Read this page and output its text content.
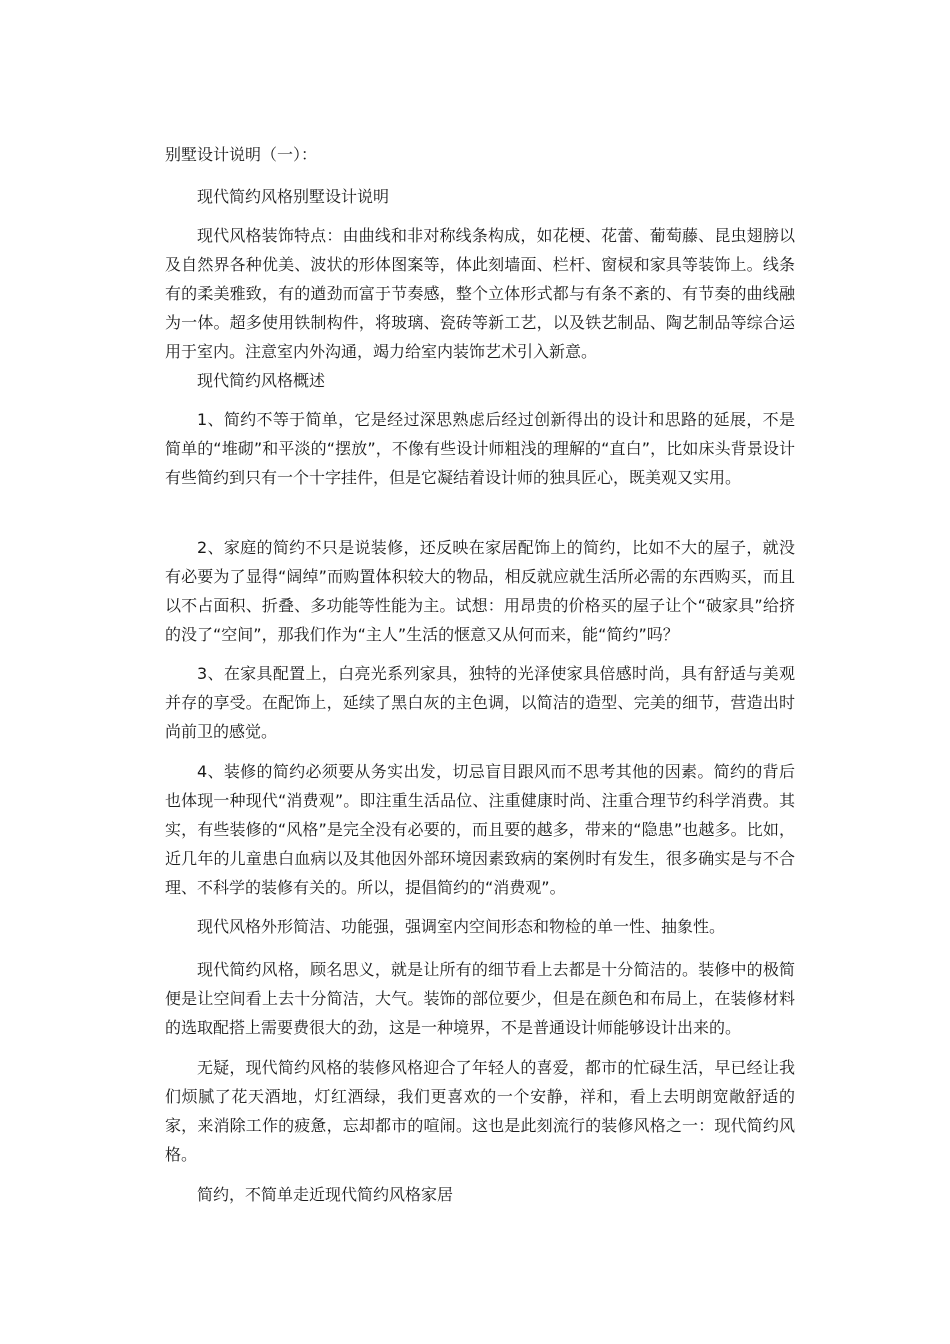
别墅设计说明（一）：

现代简约风格别墅设计说明

现代风格装饰特点：由曲线和非对称线条构成，如花梗、花蕾、葡萄藤、昆虫翅膀以及自然界各种优美、波状的形体图案等，体此刻墙面、栏杆、窗棂和家具等装饰上。线条有的柔美雅致，有的遒劲而富于节奏感，整个立体形式都与有条不紊的、有节奏的曲线融为一体。超多使用铁制构件，将玻璃、瓷砖等新工艺，以及铁艺制品、陶艺制品等综合运用于室内。注意室内外沟通，竭力给室内装饰艺术引入新意。

现代简约风格概述

1、简约不等于简单，它是经过深思熟虑后经过创新得出的设计和思路的延展，不是简单的“堆砌”和平淡的“摆放”，不像有些设计师粗浅的理解的“直白”，比如床头背景设计有些简约到只有一个十字挂件，但是它凝结着设计师的独具匠心，既美观又实用。

2、家庭的简约不只是说装修，还反映在家居配饰上的简约，比如不大的屋子，就没有必要为了显得“阔绰”而购置体积较大的物品，相反就应就生活所必需的东西购买，而且以不占面积、折叠、多功能等性能为主。试想：用昂贵的价格买的屋子让个“破家具”给挤的没了“空间”，那我们作为“主人”生活的惬意又从何而来，能“简约”吗？

3、在家具配置上，白亮光系列家具，独特的光泽使家具倍感时尚，具有舒适与美观并存的享受。在配饰上，延续了黑白灰的主色调，以简洁的造型、完美的细节，营造出时尚前卫的感觉。

4、装修的简约必须要从务实出发，切忌盲目跟风而不思考其他的因素。简约的背后也体现一种现代“消费观”。即注重生活品位、注重健康时尚、注重合理节约科学消费。其实，有些装修的“风格”是完全没有必要的，而且要的越多，带来的“隐患”也越多。比如，近几年的儿童患白血病以及其他因外部环境因素致病的案例时有发生，很多确实是与不合理、不科学的装修有关的。所以，提倡简约的“消费观”。

现代风格外形简洁、功能强，强调室内空间形态和物检的单一性、抽象性。

现代简约风格，顾名思义，就是让所有的细节看上去都是十分简洁的。装修中的极简便是让空间看上去十分简洁，大气。装饰的部位要少，但是在颜色和布局上，在装修材料的选取配搭上需要费很大的劲，这是一种境界，不是普通设计师能够设计出来的。

无疑，现代简约风格的装修风格迎合了年轻人的喜爱，都市的忙碌生活，早已经让我们烦腻了花天酒地，灯红酒绿，我们更喜欢的一个安静，祥和，看上去明朗宽敞舒适的家，来消除工作的疲惫，忘却都市的喧闹。这也是此刻流行的装修风格之一：现代简约风格。

简约，不简单走近现代简约风格家居
